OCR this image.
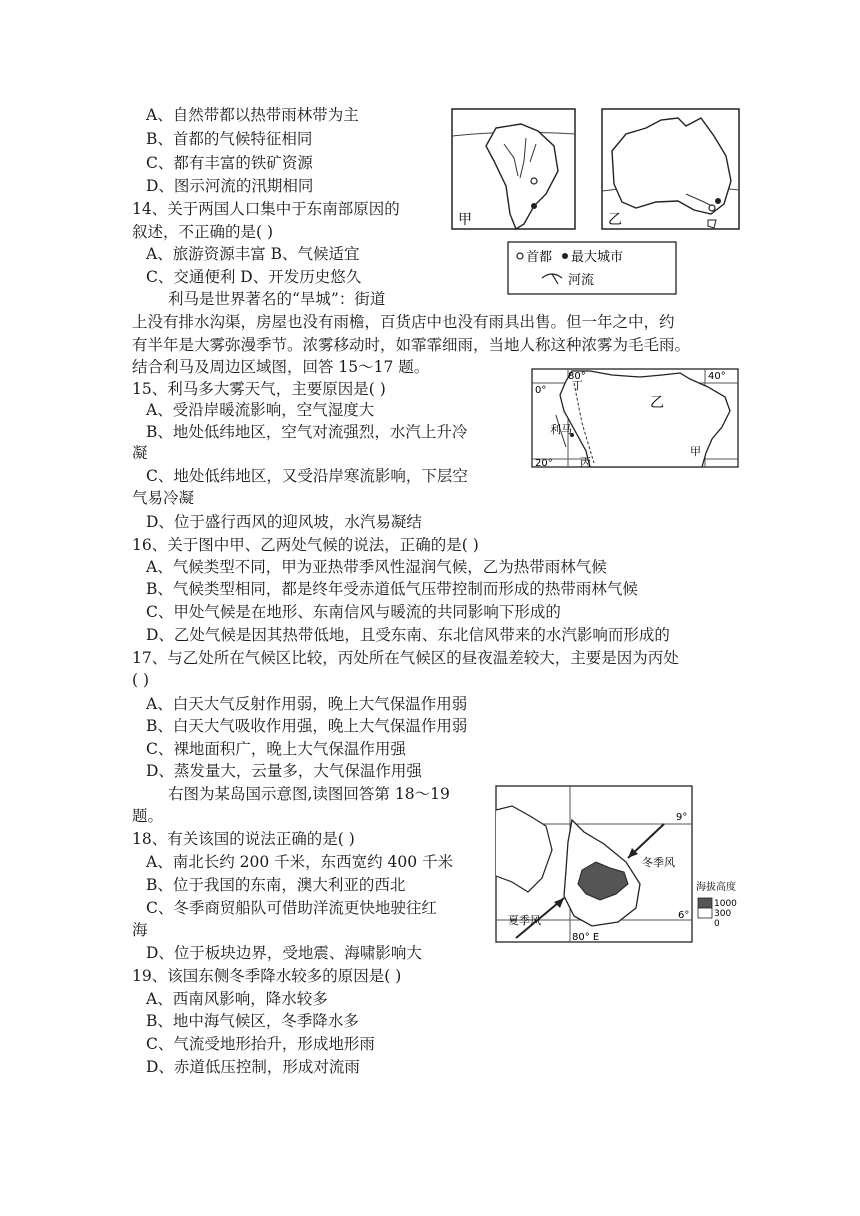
A、自然带都以热带雨林带为主
B、首都的气候特征相同
C、都有丰富的铁矿资源
D、图示河流的汛期相同
14、关于两国人口集中于东南部原因的
叙述，不正确的是( )
A、旅游资源丰富 B、气候适宜
C、交通便利 D、开发历史悠久
甲	乙
首都 最大城市
河流
利马是世界著名的“旱城”：街道
上没有排水沟渠，房屋也没有雨檐，百货店中也没有雨具出售。但一年之中，约
有半年是大雾弥漫季节。浓雾移动时，如霏霏细雨，当地人称这种浓雾为毛毛雨。
结合利马及周边区域图，回答 15～17 题。
80°	40°
0°
20°
丁
乙
利马
丙
甲
15、利马多大雾天气，主要原因是( )
A、受沿岸暖流影响，空气湿度大
B、地处低纬地区，空气对流强烈，水汽上升冷
凝
C、地处低纬地区，又受沿岸寒流影响，下层空
气易冷凝
D、位于盛行西风的迎风坡，水汽易凝结
16、关于图中甲、乙两处气候的说法，正确的是( )
A、气候类型不同，甲为亚热带季风性湿润气候，乙为热带雨林气候
B、气候类型相同，都是终年受赤道低气压带控制而形成的热带雨林气候
C、甲处气候是在地形、东南信风与暖流的共同影响下形成的
D、乙处气候是因其热带低地，且受东南、东北信风带来的水汽影响而形成的
17、与乙处所在气候区比较，丙处所在气候区的昼夜温差较大，主要是因为丙处
( )
A、白天大气反射作用弱，晚上大气保温作用弱
B、白天大气吸收作用强，晚上大气保温作用弱
C、裸地面积广，晚上大气保温作用强
D、蒸发量大，云量多，大气保温作用强
右图为某岛国示意图,读图回答第 18～19
题。	9°
6°
80° E
冬季风
夏季风
海拔高度
1000
300
0
18、有关该国的说法正确的是( )
A、南北长约 200 千米，东西宽约 400 千米
B、位于我国的东南，澳大利亚的西北
C、冬季商贸船队可借助洋流更快地驶往红
海
D、位于板块边界，受地震、海啸影响大
19、该国东侧冬季降水较多的原因是( )
A、西南风影响，降水较多
B、地中海气候区，冬季降水多
C、气流受地形抬升，形成地形雨
D、赤道低压控制，形成对流雨
